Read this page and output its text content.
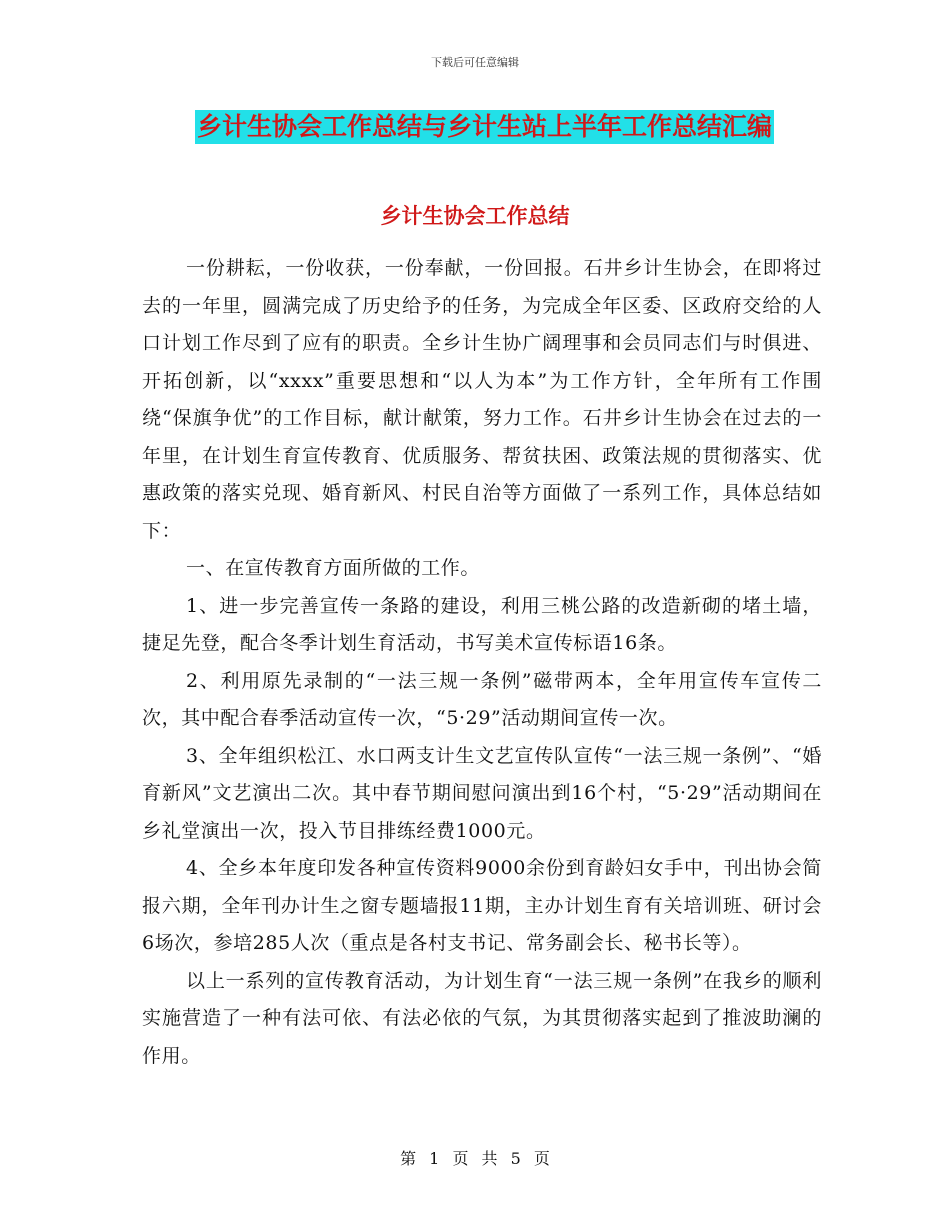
下载后可任意编辑
乡计生协会工作总结与乡计生站上半年工作总结汇编
乡计生协会工作总结

一份耕耘，一份收获，一份奉献，一份回报。石井乡计生协会，在即将过去的一年里，圆满完成了历史给予的任务，为完成全年区委、区政府交给的人口计划工作尽到了应有的职责。全乡计生协广阔理事和会员同志们与时俱进、开拓创新，以“xxxx”重要思想和“以人为本”为工作方针，全年所有工作围绕“保旗争优”的工作目标，献计献策，努力工作。石井乡计生协会在过去的一年里，在计划生育宣传教育、优质服务、帮贫扶困、政策法规的贯彻落实、优惠政策的落实兑现、婚育新风、村民自治等方面做了一系列工作，具体总结如下：

一、在宣传教育方面所做的工作。

1、进一步完善宣传一条路的建设，利用三桃公路的改造新砌的堵土墙，捷足先登，配合冬季计划生育活动，书写美术宣传标语16条。

2、利用原先录制的“一法三规一条例”磁带两本，全年用宣传车宣传二次，其中配合春季活动宣传一次，“5·29”活动期间宣传一次。

3、全年组织松江、水口两支计生文艺宣传队宣传“一法三规一条例”、“婚育新风”文艺演出二次。其中春节期间慰问演出到16个村，“5·29”活动期间在乡礼堂演出一次，投入节目排练经费1000元。

4、全乡本年度印发各种宣传资料9000余份到育龄妇女手中，刊出协会简报六期，全年刊办计生之窗专题墙报11期，主办计划生育有关培训班、研讨会6场次，参培285人次（重点是各村支书记、常务副会长、秘书长等）。

以上一系列的宣传教育活动，为计划生育“一法三规一条例”在我乡的顺利实施营造了一种有法可依、有法必依的气氛，为其贯彻落实起到了推波助澜的作用。

第 1 页 共 5 页
